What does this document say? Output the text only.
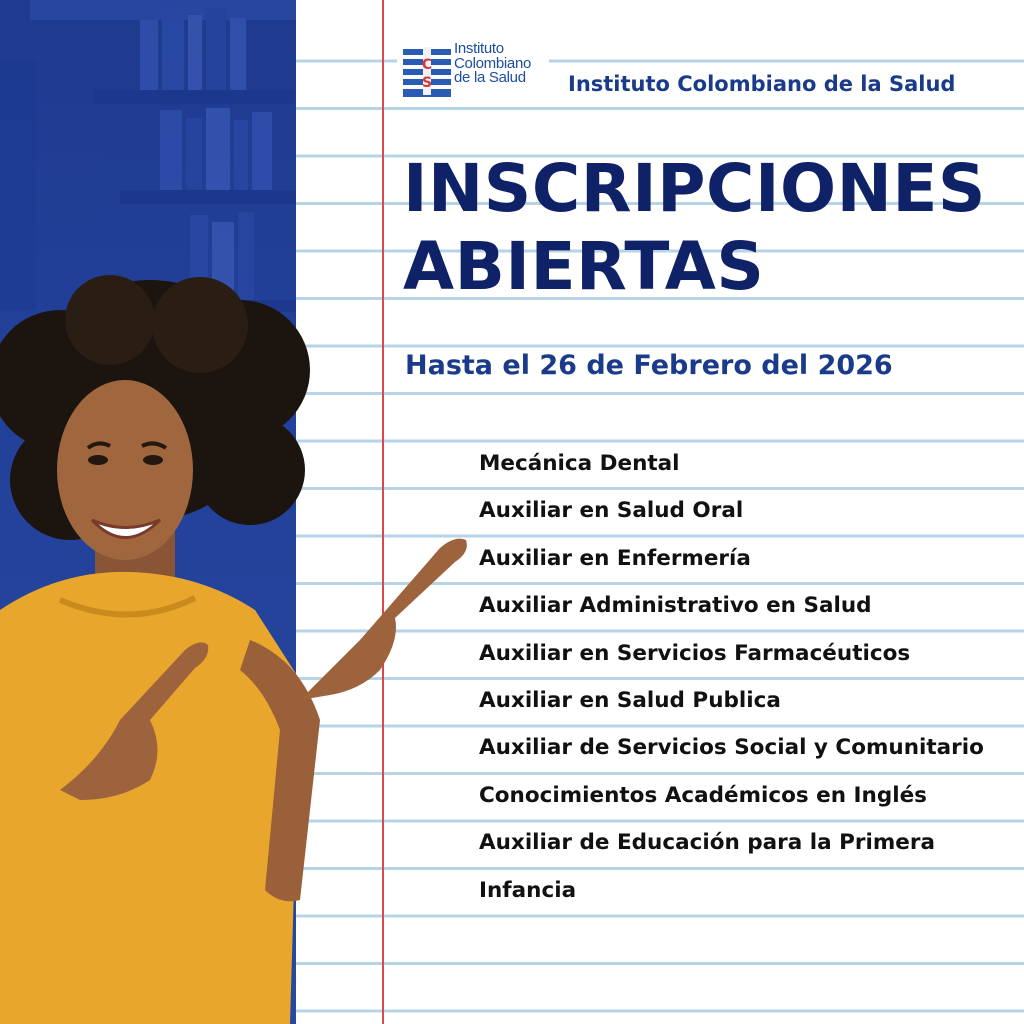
C
S
Instituto
Colombiano
de la Salud Instituto Colombiano de la Salud
INSCRIPCIONES
ABIERTAS
Hasta el 26 de Febrero del 2026
Mecánica Dental
Auxiliar en Salud Oral
Auxiliar en Enfermería
Auxiliar Administrativo en Salud
Auxiliar en Servicios Farmacéuticos
Auxiliar en Salud Publica
Auxiliar de Servicios Social y Comunitario
Conocimientos Académicos en Inglés
Auxiliar de Educación para la Primera
Infancia
